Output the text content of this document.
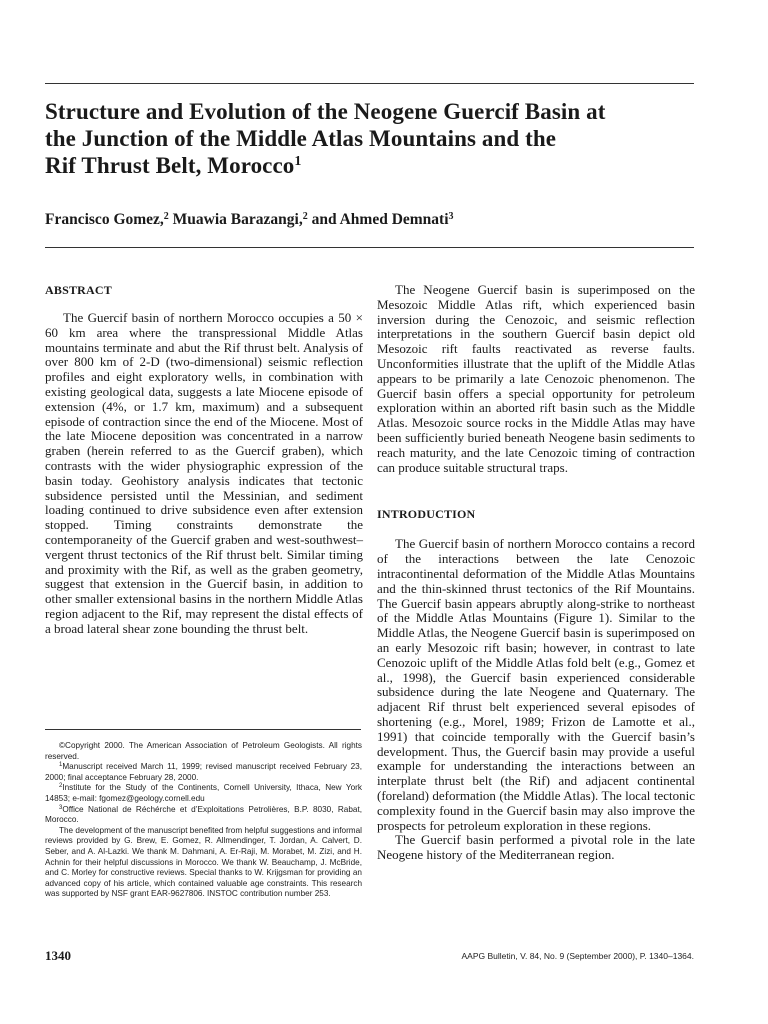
Structure and Evolution of the Neogene Guercif Basin at
the Junction of the Middle Atlas Mountains and the
Rif Thrust Belt, Morocco$^1$
Francisco Gomez,$^2$ Muawia Barazangi,$^2$ and Ahmed Demnati$^3$
ABSTRACT

The Guercif basin of northern Morocco occupies a 50 × 60 km area where the transpressional Middle Atlas mountains terminate and abut the Rif thrust belt. Analysis of over 800 km of 2-D (two-dimensional) seismic reflection profiles and eight exploratory wells, in combination with existing geological data, suggests a late Miocene episode of extension (4%, or 1.7 km, maximum) and a subsequent episode of contraction since the end of the Miocene. Most of the late Miocene deposition was concentrated in a narrow graben (herein referred to as the Guercif graben), which contrasts with the wider physiographic expression of the basin today. Geohistory analysis indicates that tectonic subsidence persisted until the Messinian, and sediment loading continued to drive subsidence even after extension stopped. Timing constraints demonstrate the contemporaneity of the Guercif graben and west-southwest–vergent thrust tectonics of the Rif thrust belt. Similar timing and proximity with the Rif, as well as the graben geometry, suggest that extension in the Guercif basin, in addition to other smaller extensional basins in the northern Middle Atlas region adjacent to the Rif, may represent the distal effects of a broad lateral shear zone bounding the thrust belt.

The Neogene Guercif basin is superimposed on the Mesozoic Middle Atlas rift, which experienced basin inversion during the Cenozoic, and seismic reflection interpretations in the southern Guercif basin depict old Mesozoic rift faults reactivated as reverse faults. Unconformities illustrate that the uplift of the Middle Atlas appears to be primarily a late Cenozoic phenomenon. The Guercif basin offers a special opportunity for petroleum exploration within an aborted rift basin such as the Middle Atlas. Mesozoic source rocks in the Middle Atlas may have been sufficiently buried beneath Neogene basin sediments to reach maturity, and the late Cenozoic timing of contraction can produce suitable structural traps.

INTRODUCTION

The Guercif basin of northern Morocco contains a record of the interactions between the late Cenozoic intracontinental deformation of the Middle Atlas Mountains and the thin-skinned thrust tectonics of the Rif Mountains. The Guercif basin appears abruptly along-strike to northeast of the Middle Atlas Mountains (Figure 1). Similar to the Middle Atlas, the Neogene Guercif basin is superimposed on an early Mesozoic rift basin; however, in contrast to late Cenozoic uplift of the Middle Atlas fold belt (e.g., Gomez et al., 1998), the Guercif basin experienced considerable subsidence during the late Neogene and Quaternary. The adjacent Rif thrust belt experienced several episodes of shortening (e.g., Morel, 1989; Frizon de Lamotte et al., 1991) that coincide temporally with the Guercif basin’s development. Thus, the Guercif basin may provide a useful example for understanding the interactions between an interplate thrust belt (the Rif) and adjacent continental (foreland) deformation (the Middle Atlas). The local tectonic complexity found in the Guercif basin may also improve the prospects for petroleum exploration in these regions.

The Guercif basin performed a pivotal role in the late Neogene history of the Mediterranean region.

©Copyright 2000. The American Association of Petroleum Geologists. All rights reserved.

$^1$Manuscript received March 11, 1999; revised manuscript received February 23, 2000; final acceptance February 28, 2000.

$^2$Institute for the Study of the Continents, Cornell University, Ithaca, New York 14853; e-mail: fgomez@geology.cornell.edu

$^3$Office National de Réchérche et d’Exploitations Petrolières, B.P. 8030, Rabat, Morocco.

The development of the manuscript benefited from helpful suggestions and informal reviews provided by G. Brew, E. Gomez, R. Allmendinger, T. Jordan, A. Calvert, D. Seber, and A. Al-Lazki. We thank M. Dahmani, A. Er-Raji, M. Morabet, M. Zizi, and H. Achnin for their helpful discussions in Morocco. We thank W. Beauchamp, J. McBride, and C. Morley for constructive reviews. Special thanks to W. Krijgsman for providing an advanced copy of his article, which contained valuable age constraints. This research was supported by NSF grant EAR-9627806. INSTOC contribution number 253.

1340	AAPG Bulletin, V. 84, No. 9 (September 2000), P. 1340–1364.
